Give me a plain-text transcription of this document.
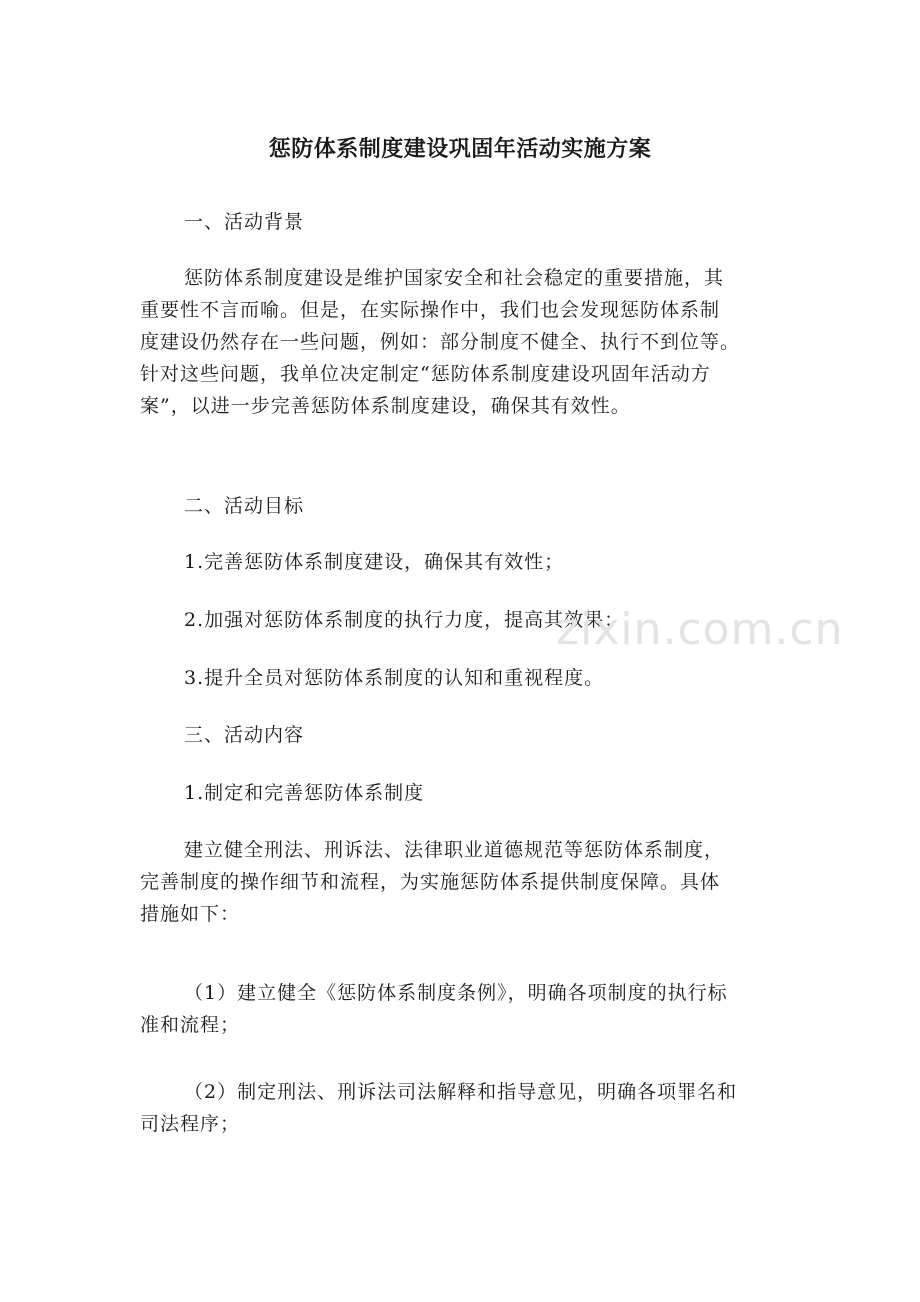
惩防体系制度建设巩固年活动实施方案

一、活动背景

惩防体系制度建设是维护国家安全和社会稳定的重要措施，其
重要性不言而喻。但是，在实际操作中，我们也会发现惩防体系制
度建设仍然存在一些问题，例如：部分制度不健全、执行不到位等。
针对这些问题，我单位决定制定“惩防体系制度建设巩固年活动方
案”，以进一步完善惩防体系制度建设，确保其有效性。

二、活动目标

1.完善惩防体系制度建设，确保其有效性；

2.加强对惩防体系制度的执行力度，提高其效果；

3.提升全员对惩防体系制度的认知和重视程度。

三、活动内容

1.制定和完善惩防体系制度

建立健全刑法、刑诉法、法律职业道德规范等惩防体系制度，
完善制度的操作细节和流程，为实施惩防体系提供制度保障。具体
措施如下：

（1）建立健全《惩防体系制度条例》，明确各项制度的执行标
准和流程；

（2）制定刑法、刑诉法司法解释和指导意见，明确各项罪名和
司法程序；

zixin.com.cn
